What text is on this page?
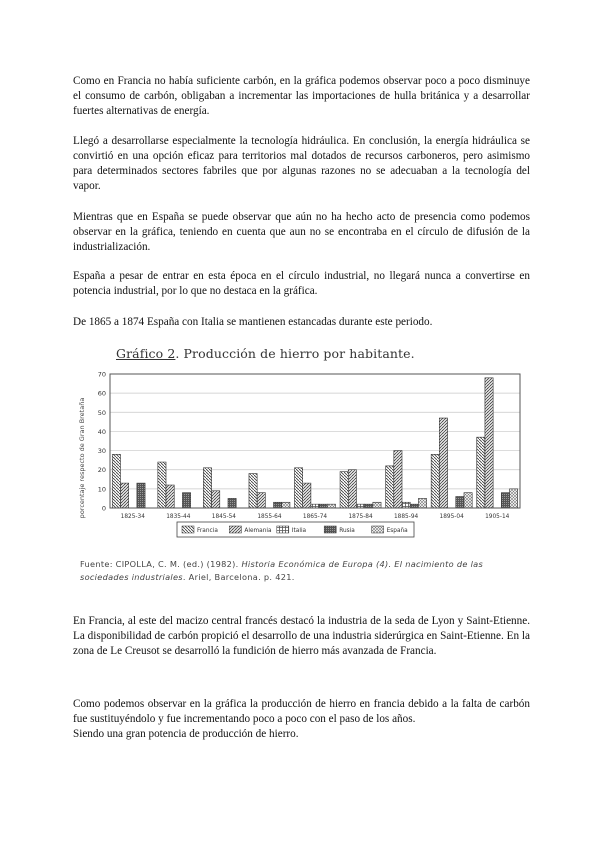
Como en Francia no había suficiente carbón, en la gráfica podemos observar poco a poco disminuye el consumo de carbón, obligaban a incrementar las importaciones de hulla británica y a desarrollar fuertes alternativas de energía.

Llegó a desarrollarse especialmente la tecnología hidráulica. En conclusión, la energía hidráulica se convirtió en una opción eficaz para territorios mal dotados de recursos carboneros, pero asimismo para determinados sectores fabriles que por algunas razones no se adecuaban a la tecnología del vapor.

Mientras que en España se puede observar que aún no ha hecho acto de presencia como podemos observar en la gráfica, teniendo en cuenta que aun no se encontraba en el círculo de difusión de la industrialización.

España a pesar de entrar en esta época en el círculo industrial, no llegará nunca a convertirse en potencia industrial, por lo que no destaca en la gráfica.

De 1865 a 1874 España con Italia se mantienen estancadas durante este periodo.

Gráfico 2. Producción de hierro por habitante.
porcentaje respecto de Gran Bretaña 0
10
20
30
40
50
60
70
1825-34	1835-44	1845-54	1855-64	1865-74	1875-84	1885-94	1895-04	1905-14
Francia	Alemania	Italia	Rusia	España

Fuente: CIPOLLA, C. M. (ed.) (1982). Historia Económica de Europa (4). El nacimiento de las sociedades industriales. Ariel, Barcelona. p. 421.

En Francia, al este del macizo central francés destacó la industria de la seda de Lyon y Saint-Etienne. La disponibilidad de carbón propició el desarrollo de una industria siderúrgica en Saint-Etienne. En la zona de Le Creusot se desarrolló la fundición de hierro más avanzada de Francia.

Como podemos observar en la gráfica la producción de hierro en francia debido a la falta de carbón fue sustituyéndolo y fue incrementando poco a poco con el paso de los años.
Siendo una gran potencia de producción de hierro.
